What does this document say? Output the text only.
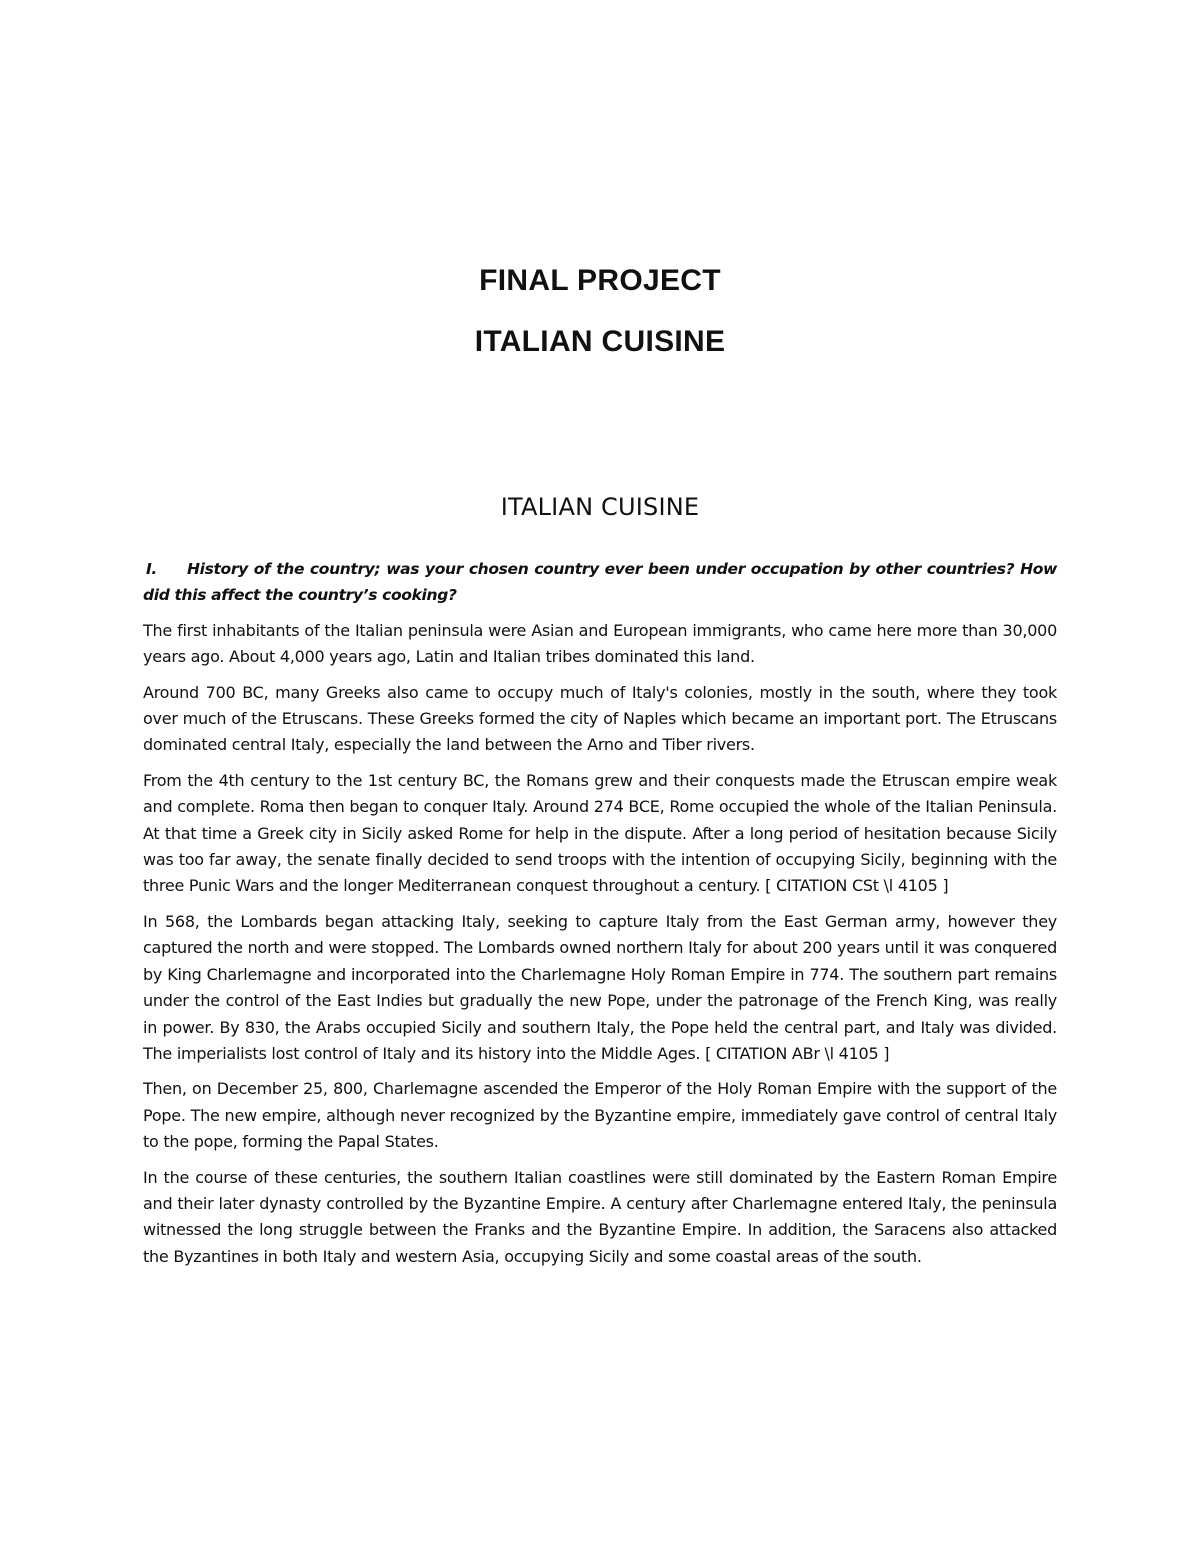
FINAL PROJECT
ITALIAN CUISINE
ITALIAN CUISINE

I. History of the country; was your chosen country ever been under occupation by other countries? How did this affect the country’s cooking?

The first inhabitants of the Italian peninsula were Asian and European immigrants, who came here more than 30,000 years ago. About 4,000 years ago, Latin and Italian tribes dominated this land.

Around 700 BC, many Greeks also came to occupy much of Italy's colonies, mostly in the south, where they took over much of the Etruscans. These Greeks formed the city of Naples which became an important port. The Etruscans dominated central Italy, especially the land between the Arno and Tiber rivers.

From the 4th century to the 1st century BC, the Romans grew and their conquests made the Etruscan empire weak and complete. Roma then began to conquer Italy. Around 274 BCE, Rome occupied the whole of the Italian Peninsula. At that time a Greek city in Sicily asked Rome for help in the dispute. After a long period of hesitation because Sicily was too far away, the senate finally decided to send troops with the intention of occupying Sicily, beginning with the three Punic Wars and the longer Mediterranean conquest throughout a century. [ CITATION CSt \l 4105 ]

In 568, the Lombards began attacking Italy, seeking to capture Italy from the East German army, however they captured the north and were stopped. The Lombards owned northern Italy for about 200 years until it was conquered by King Charlemagne and incorporated into the Charlemagne Holy Roman Empire in 774. The southern part remains under the control of the East Indies but gradually the new Pope, under the patronage of the French King, was really in power. By 830, the Arabs occupied Sicily and southern Italy, the Pope held the central part, and Italy was divided. The imperialists lost control of Italy and its history into the Middle Ages. [ CITATION ABr \l 4105 ]

Then, on December 25, 800, Charlemagne ascended the Emperor of the Holy Roman Empire with the support of the Pope. The new empire, although never recognized by the Byzantine empire, immediately gave control of central Italy to the pope, forming the Papal States.

In the course of these centuries, the southern Italian coastlines were still dominated by the Eastern Roman Empire and their later dynasty controlled by the Byzantine Empire. A century after Charlemagne entered Italy, the peninsula witnessed the long struggle between the Franks and the Byzantine Empire. In addition, the Saracens also attacked the Byzantines in both Italy and western Asia, occupying Sicily and some coastal areas of the south.
